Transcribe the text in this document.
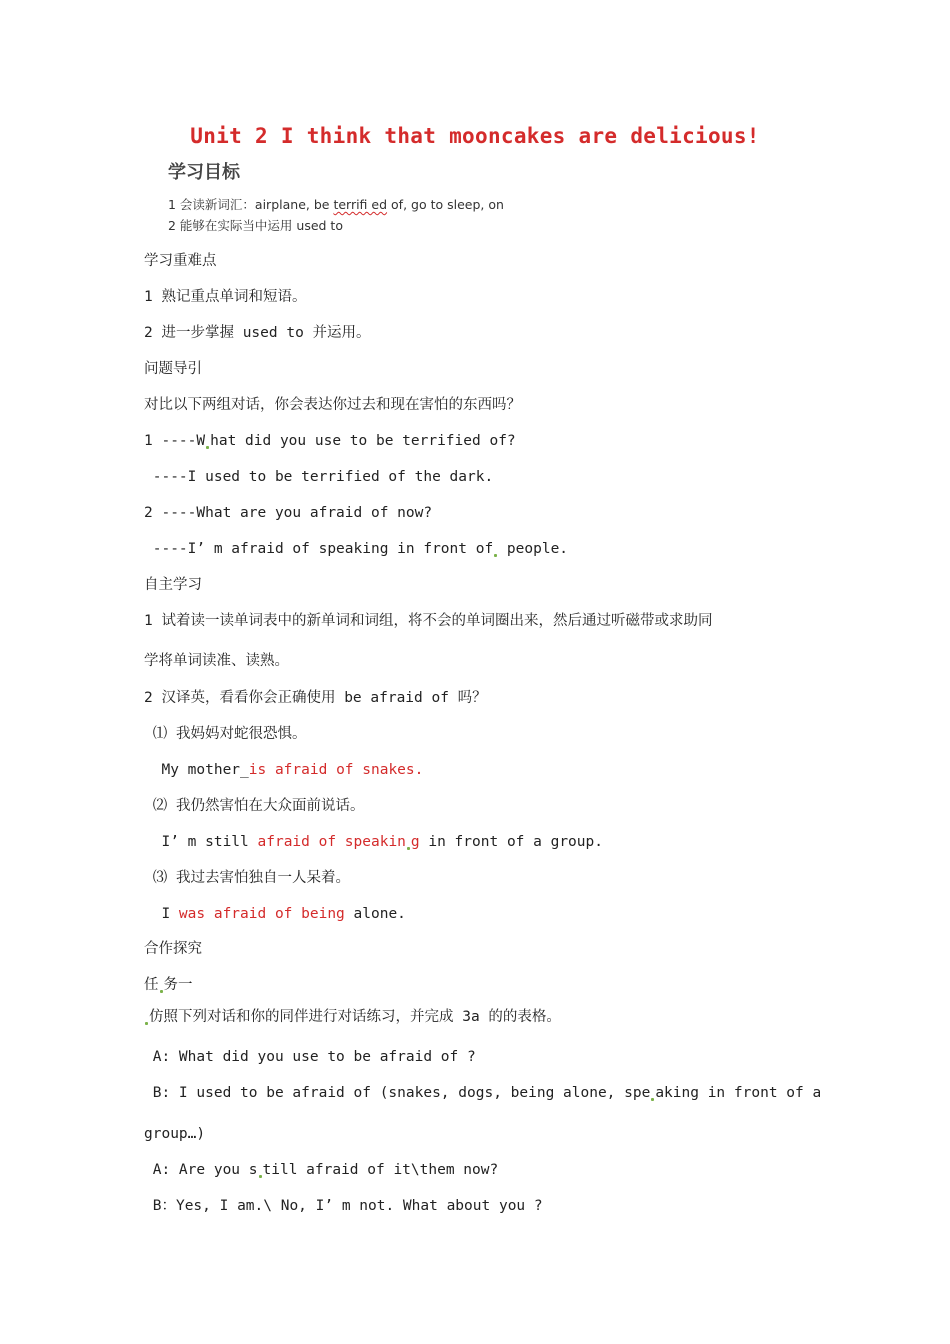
Unit 2 I think that mooncakes are delicious!
学习目标
1 会读新词汇：airplane, be terrifi ed of, go to sleep, on
2 能够在实际当中运用 used to
学习重难点
1 熟记重点单词和短语。
2 进一步掌握 used to 并运用。
问题导引
对比以下两组对话，你会表达你过去和现在害怕的东西吗？
1 ----W hat did you use to be terrified of?
----I used to be terrified of the dark.
2 ----What are you afraid of now?
----I’ m afraid of speaking in front of people.
自主学习
1 试着读一读单词表中的新单词和词组，将不会的单词圈出来，然后通过听磁带或求助同
学将单词读准、读熟。
2 汉译英，看看你会正确使用 be afraid of 吗？
⑴ 我妈妈对蛇很恐惧。
My mother_is afraid of snakes.
⑵ 我仍然害怕在大众面前说话。
I’ m still afraid of speakin g in front of a group.
⑶ 我过去害怕独自一人呆着。
I was afraid of being alone.
合作探究
任 务一
仿照下列对话和你的同伴进行对话练习，并完成 3a 的的表格。
A: What did you use to be afraid of ?
B: I used to be afraid of (snakes, dogs, being alone, spe aking in front of a
group…)
A: Are you s till afraid of it\them now?
B：Yes, I am.\ No, I’ m not. What about you ?
